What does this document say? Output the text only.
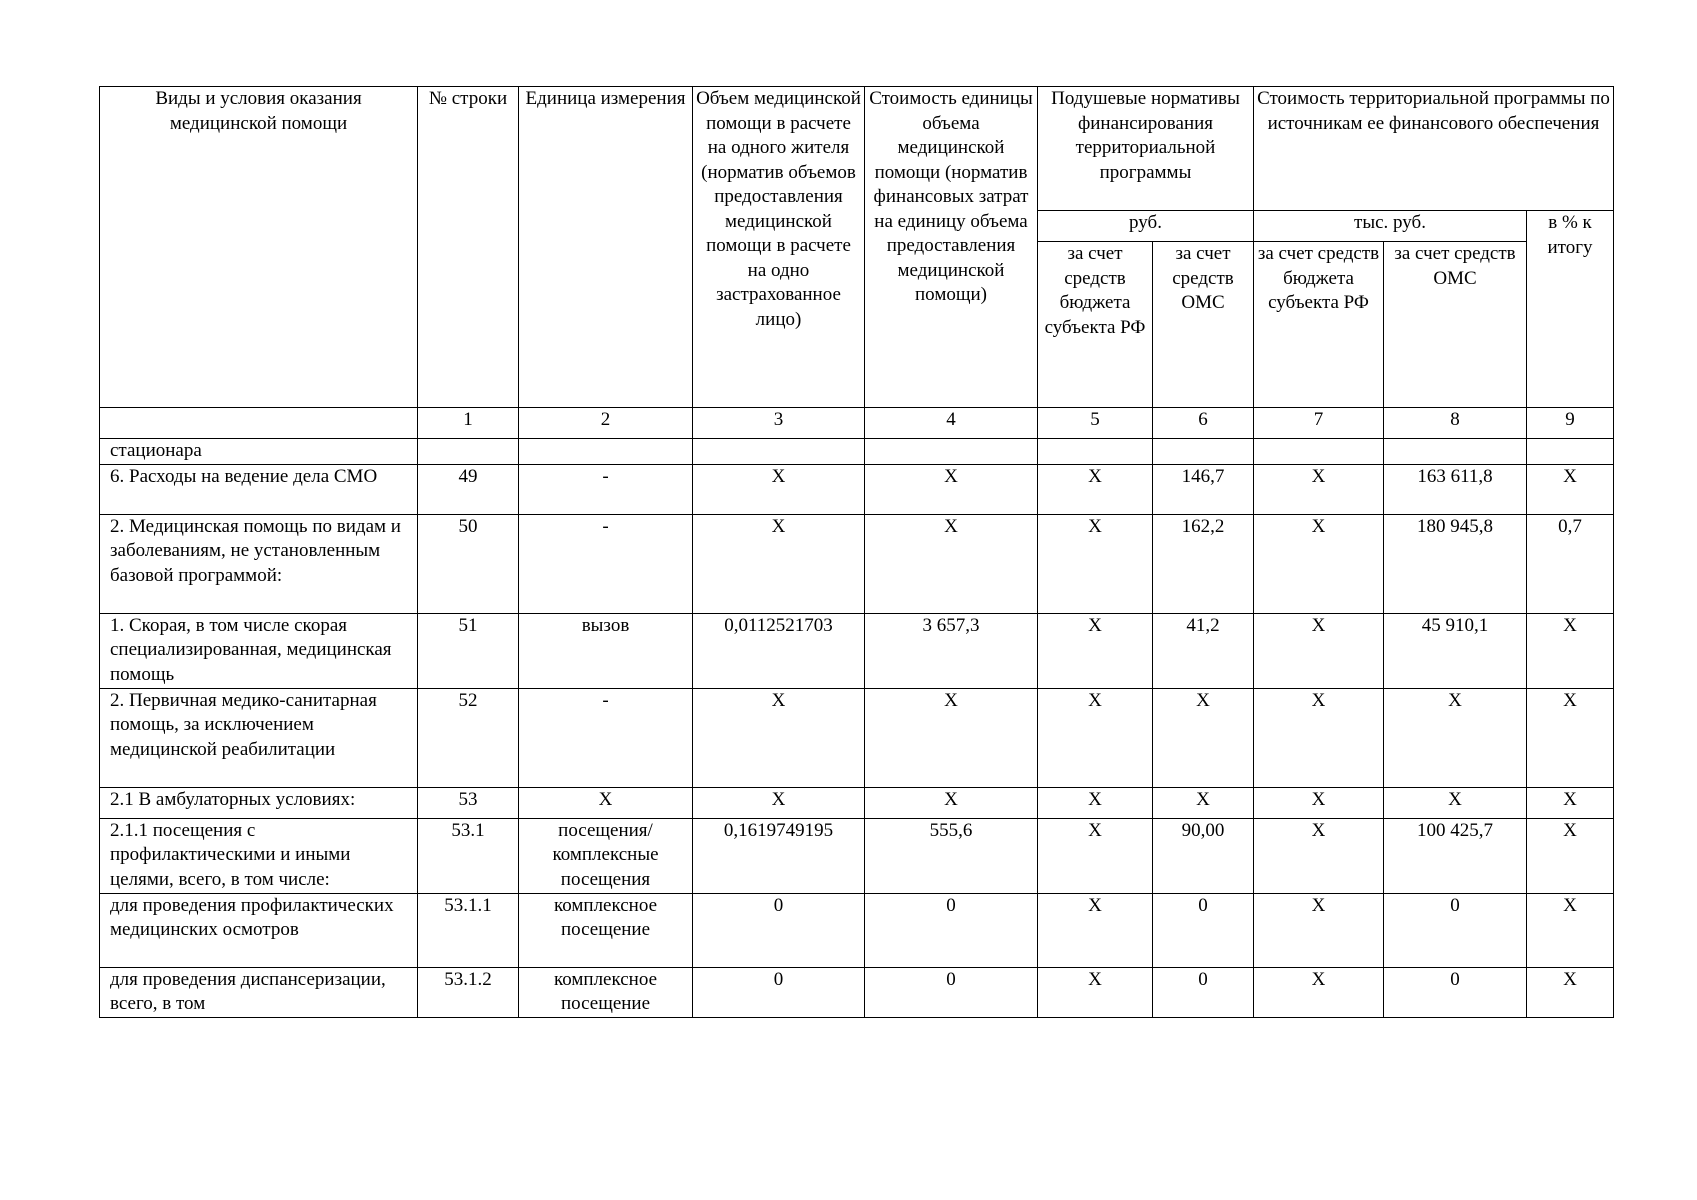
Виды и условия оказания медицинской помощи	№ строки	Единица измерения	Объем медицинской помощи в расчете на одного жителя (норматив объемов предоставления медицинской помощи в расчете на одно застрахованное лицо)	Стоимость единицы объема медицинской помощи (норматив финансовых затрат на единицу объема предоставления медицинской помощи)	Подушевые нормативы финансирования территориальной программы		Стоимость территориальной программы по источникам ее финансового обеспечения		
					руб.		тыс. руб.		в % к итогу
					за счет средств бюджета субъекта РФ	за счет средств ОМС	за счет средств бюджета субъекта РФ	за счет средств ОМС	
	1	2	3	4	5	6	7	8	9
стационара									
6. Расходы на ведение дела СМО	49	-	Х	Х	Х	146,7	Х	163 611,8	Х
2. Медицинская помощь по видам и заболеваниям, не установленным базовой программой:	50	-	Х	Х	Х	162,2	Х	180 945,8	0,7
1. Скорая, в том числе скорая специализированная, медицинская помощь	51	вызов	0,0112521703	3 657,3	Х	41,2	Х	45 910,1	Х
2. Первичная медико-санитарная помощь, за исключением медицинской реабилитации	52	-	Х	Х	Х	Х	Х	Х	Х
2.1 В амбулаторных условиях:	53	Х	Х	Х	Х	Х	Х	Х	Х
2.1.1 посещения с профилактическими и иными целями, всего, в том числе:	53.1	посещения/ комплексные посещения	0,1619749195	555,6	Х	90,00	Х	100 425,7	Х
для проведения профилактических медицинских осмотров	53.1.1	комплексное посещение	0	0	Х	0	Х	0	Х
для проведения диспансеризации, всего, в том	53.1.2	комплексное посещение	0	0	Х	0	Х	0	Х
